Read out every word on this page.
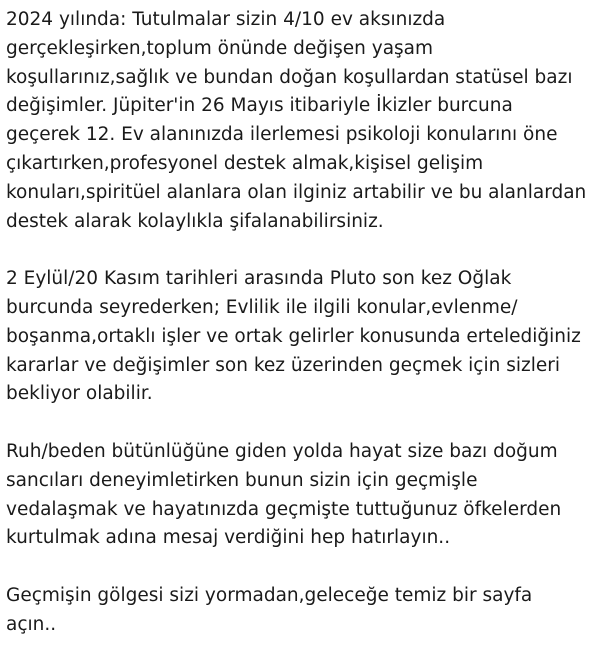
2024 yılında: Tutulmalar sizin 4/10 ev aksınızda
gerçekleşirken,toplum önünde değişen yaşam
koşullarınız,sağlık ve bundan doğan koşullardan statüsel bazı
değişimler. Jüpiter'in 26 Mayıs itibariyle İkizler burcuna
geçerek 12. Ev alanınızda ilerlemesi psikoloji konularını öne
çıkartırken,profesyonel destek almak,kişisel gelişim
konuları,spiritüel alanlara olan ilginiz artabilir ve bu alanlardan
destek alarak kolaylıkla şifalanabilirsiniz.

2 Eylül/20 Kasım tarihleri arasında Pluto son kez Oğlak
burcunda seyrederken; Evlilik ile ilgili konular,evlenme/
boşanma,ortaklı işler ve ortak gelirler konusunda ertelediğiniz
kararlar ve değişimler son kez üzerinden geçmek için sizleri
bekliyor olabilir.

Ruh/beden bütünlüğüne giden yolda hayat size bazı doğum
sancıları deneyimletirken bunun sizin için geçmişle
vedalaşmak ve hayatınızda geçmişte tuttuğunuz öfkelerden
kurtulmak adına mesaj verdiğini hep hatırlayın..

Geçmişin gölgesi sizi yormadan,geleceğe temiz bir sayfa
açın..
